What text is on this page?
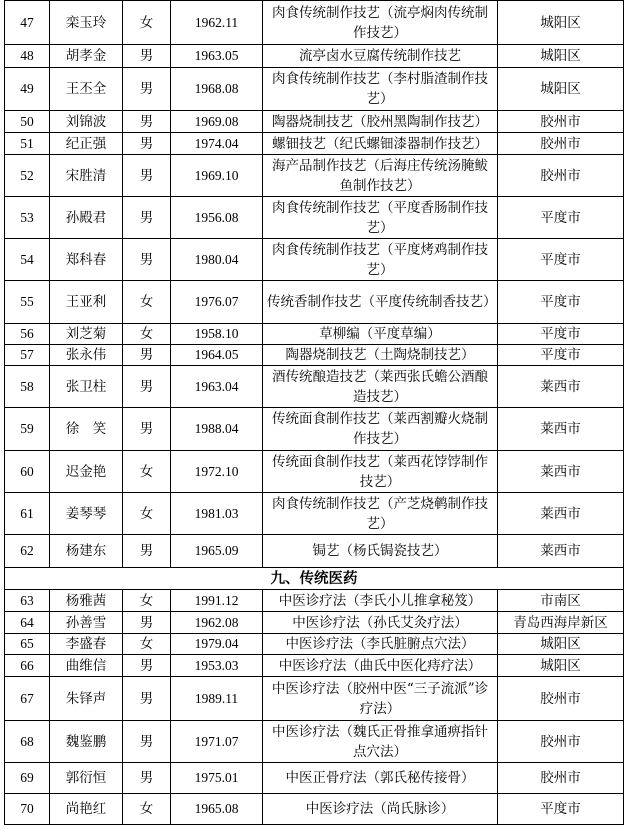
47	栾玉玲	女	1962.11	肉食传统制作技艺（流亭焖肉传统制作技艺）	城阳区
48	胡孝金	男	1963.05	流亭卤水豆腐传统制作技艺	城阳区
49	王丕全	男	1968.08	肉食传统制作技艺（李村脂渣制作技艺）	城阳区
50	刘锦波	男	1969.08	陶器烧制技艺（胶州黑陶制作技艺）	胶州市
51	纪正强	男	1974.04	螺钿技艺（纪氏螺钿漆器制作技艺）	胶州市
52	宋胜清	男	1969.10	海产品制作技艺（后海庄传统汤腌鲅鱼制作技艺）	胶州市
53	孙殿君	男	1956.08	肉食传统制作技艺（平度香肠制作技艺）	平度市
54	郑科春	男	1980.04	肉食传统制作技艺（平度烤鸡制作技艺）	平度市
55	王亚利	女	1976.07	传统香制作技艺（平度传统制香技艺）	平度市
56	刘芝菊	女	1958.10	草柳编（平度草编）	平度市
57	张永伟	男	1964.05	陶器烧制技艺（土陶烧制技艺）	平度市
58	张卫柱	男	1963.04	酒传统酿造技艺（莱西张氏蟾公酒酿造技艺）	莱西市
59	徐　笑	男	1988.04	传统面食制作技艺（莱西割瓣火烧制作技艺）	莱西市
60	迟金艳	女	1972.10	传统面食制作技艺（莱西花饽饽制作技艺）	莱西市
61	姜琴琴	女	1981.03	肉食传统制作技艺（产芝烧鹌制作技艺）	莱西市
62	杨建东	男	1965.09	锔艺（杨氏锔瓷技艺）	莱西市
九、传统医药					
63	杨雅茜	女	1991.12	中医诊疗法（李氏小儿推拿秘笈）	市南区
64	孙善雪	男	1962.08	中医诊疗法（孙氏艾灸疗法）	青岛西海岸新区
65	李盛春	女	1979.04	中医诊疗法（李氏脏腑点穴法）	城阳区
66	曲维信	男	1953.03	中医诊疗法（曲氏中医化痔疗法）	城阳区
67	朱铎声	男	1989.11	中医诊疗法（胶州中医“三子流派”诊疗法）	胶州市
68	魏鉴鹏	男	1971.07	中医诊疗法（魏氏正骨推拿通痹指针点穴法）	胶州市
69	郭衍恒	男	1975.01	中医正骨疗法（郭氏秘传接骨）	胶州市
70	尚艳红	女	1965.08	中医诊疗法（尚氏脉诊）	平度市
